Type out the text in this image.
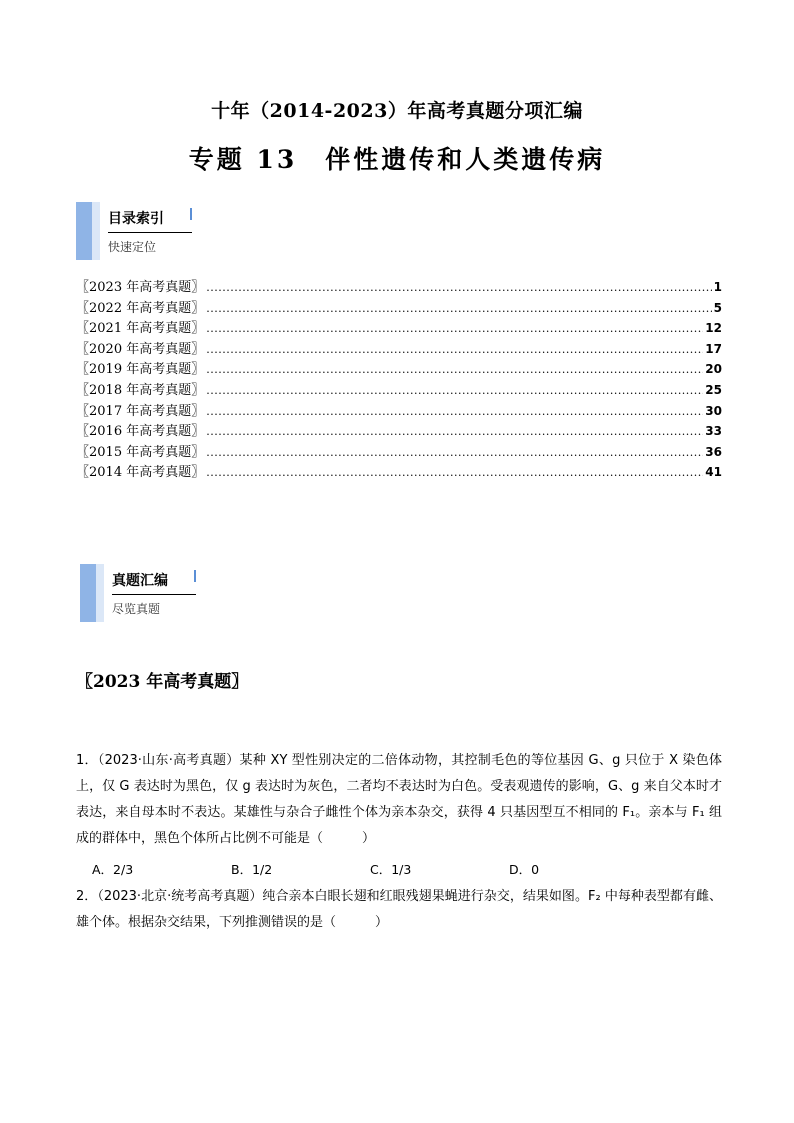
十年（2014-2023）年高考真题分项汇编
专题 13 伴性遗传和人类遗传病
目录索引
快速定位
〖2023 年高考真题〗 .....	1
〖2022 年高考真题〗 .....	5
〖2021 年高考真题〗 .....	12
〖2020 年高考真题〗 .....	17
〖2019 年高考真题〗 .....	20
〖2018 年高考真题〗 .....	25
〖2017 年高考真题〗 .....	30
〖2016 年高考真题〗 .....	33
〖2015 年高考真题〗 .....	36
〖2014 年高考真题〗 .....	41
真题汇编
尽览真题
〖2023 年高考真题〗
1．（2023·山东·高考真题）某种 XY 型性别决定的二倍体动物，其控制毛色的等位基因 G、g 只位于 X 染色体上，仅 G 表达时为黑色，仅 g 表达时为灰色，二者均不表达时为白色。受表观遗传的影响，G、g 来自父本时才表达，来自母本时不表达。某雄性与杂合子雌性个体为亲本杂交，获得 4 只基因型互不相同的 F₁。亲本与 F₁ 组成的群体中，黑色个体所占比例不可能是（　　　）
A．2/3	B．1/2	C．1/3	D．0
2．（2023·北京·统考高考真题）纯合亲本白眼长翅和红眼残翅果蝇进行杂交，结果如图。F₂ 中每种表型都有雌、雄个体。根据杂交结果，下列推测错误的是（　　　）
